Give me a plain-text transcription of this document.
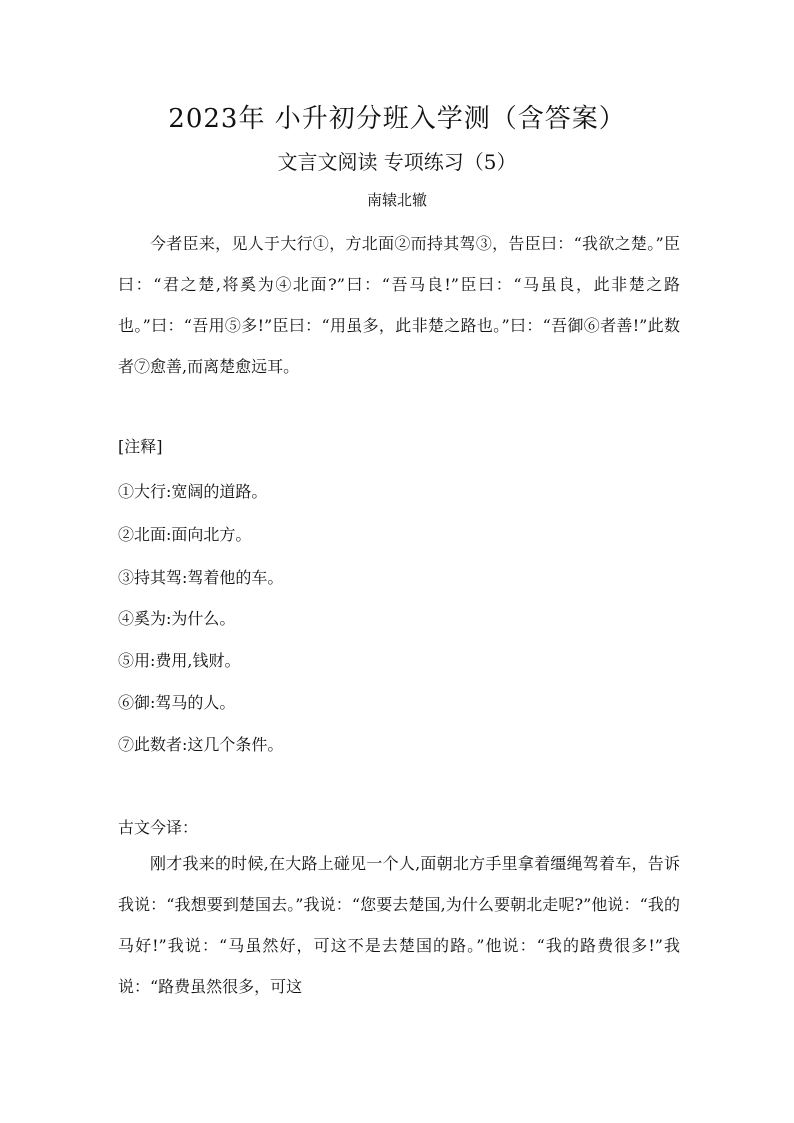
2023年 小升初分班入学测（含答案）
文言文阅读 专项练习（5）
南辕北辙

今者臣来，见人于大行①，方北面②而持其驾③，告臣曰：“我欲之楚。”臣曰：“君之楚,将奚为④北面?”曰：“吾马良!”臣曰：“马虽良，此非楚之路也。”曰：“吾用⑤多!”臣曰：“用虽多，此非楚之路也。”曰：“吾御⑥者善!”此数者⑦愈善,而离楚愈远耳。

[注释]

①大行:宽阔的道路。

②北面:面向北方。

③持其驾:驾着他的车。

④奚为:为什么。

⑤用:费用,钱财。

⑥御:驾马的人。

⑦此数者:这几个条件。

古文今译：

刚才我来的时候,在大路上碰见一个人,面朝北方手里拿着缰绳驾着车，告诉我说：“我想要到楚国去。”我说：“您要去楚国,为什么要朝北走呢?”他说：“我的马好!”我说：“马虽然好，可这不是去楚国的路。”他说：“我的路费很多!”我说：“路费虽然很多，可这
